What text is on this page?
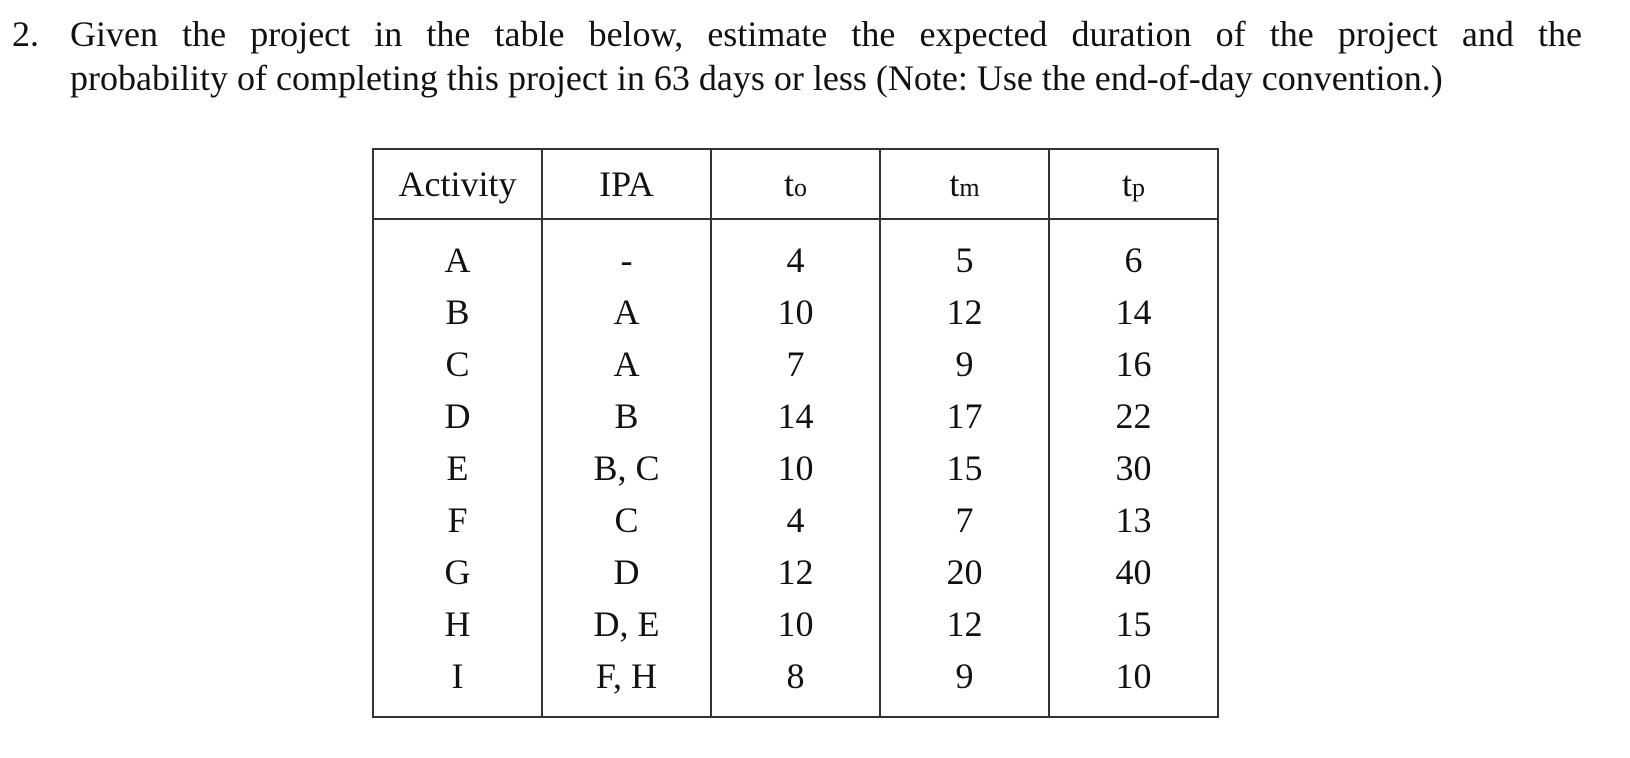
2. Given the project in the table below, estimate the expected duration of the project and the
probability of completing this project in 63 days or less (Note: Use the end-of-day convention.)
Activity	IPA	to	tm	tp
A	-	4	5	6
B	A	10	12	14
C	A	7	9	16
D	B	14	17	22
E	B, C	10	15	30
F	C	4	7	13
G	D	12	20	40
H	D, E	10	12	15
I	F, H	8	9	10
